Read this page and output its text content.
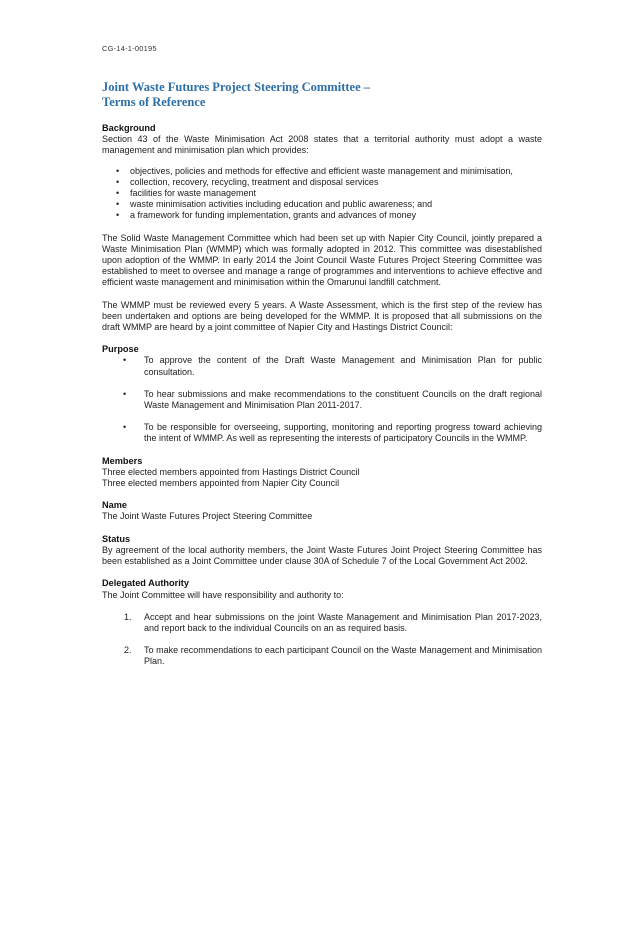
CG-14-1-00195
Joint Waste Futures Project Steering Committee –
Terms of Reference
Background

Section 43 of the Waste Minimisation Act 2008 states that a territorial authority must adopt a waste management and minimisation plan which provides:

• objectives, policies and methods for effective and efficient waste management and minimisation,
• collection, recovery, recycling, treatment and disposal services
• facilities for waste management
• waste minimisation activities including education and public awareness; and
• a framework for funding implementation, grants and advances of money

The Solid Waste Management Committee which had been set up with Napier City Council, jointly prepared a Waste Minimisation Plan (WMMP) which was formally adopted in 2012. This committee was disestablished upon adoption of the WMMP. In early 2014 the Joint Council Waste Futures Project Steering Committee was established to meet to oversee and manage a range of programmes and interventions to achieve effective and efficient waste management and minimisation within the Omarunui landfill catchment.

The WMMP must be reviewed every 5 years. A Waste Assessment, which is the first step of the review has been undertaken and options are being developed for the WMMP. It is proposed that all submissions on the draft WMMP are heard by a joint committee of Napier City and Hastings District Council:

Purpose
• To approve the content of the Draft Waste Management and Minimisation Plan for public consultation.
• To hear submissions and make recommendations to the constituent Councils on the draft regional Waste Management and Minimisation Plan 2011-2017.
• To be responsible for overseeing, supporting, monitoring and reporting progress toward achieving the intent of WMMP. As well as representing the interests of participatory Councils in the WMMP.
Members

Three elected members appointed from Hastings District Council

Three elected members appointed from Napier City Council

Name

The Joint Waste Futures Project Steering Committee

Status

By agreement of the local authority members, the Joint Waste Futures Joint Project Steering Committee has been established as a Joint Committee under clause 30A of Schedule 7 of the Local Government Act 2002.

Delegated Authority

The Joint Committee will have responsibility and authority to:

1. Accept and hear submissions on the joint Waste Management and Minimisation Plan 2017-2023, and report back to the individual Councils on an as required basis.
2. To make recommendations to each participant Council on the Waste Management and Minimisation Plan.
